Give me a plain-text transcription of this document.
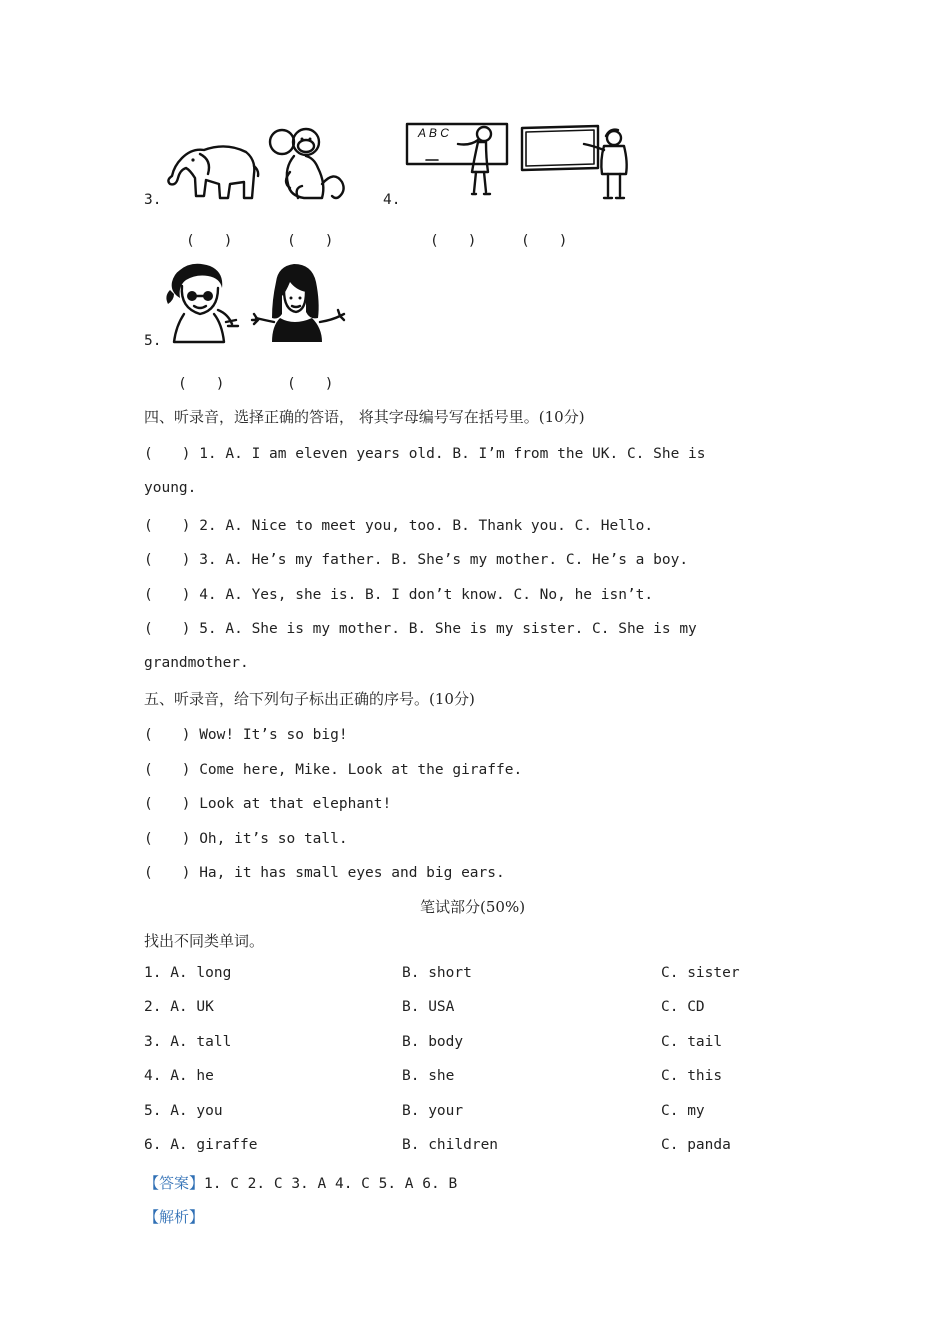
3.
(　　)	(　　)
4.
A B C
(　　)	(　　)
5.
(　　)	(　　)
四、听录音，选择正确的答语， 将其字母编号写在括号里。(10分)
(　　) 1. A. I am eleven years old. B. I’m from the UK. C. She is
young.
(　　) 2. A. Nice to meet you, too. B. Thank you. C. Hello.
(　　) 3. A. He’s my father. B. She’s my mother. C. He’s a boy.
(　　) 4. A. Yes, she is. B. I don’t know. C. No, he isn’t.
(　　) 5. A. She is my mother. B. She is my sister. C. She is my
grandmother.
五、听录音，给下列句子标出正确的序号。(10分)
(　　) Wow! It’s so big!
(　　) Come here, Mike. Look at the giraffe.
(　　) Look at that elephant!
(　　) Oh, it’s so tall.
(　　) Ha, it has small eyes and big ears.
笔试部分(50%)
找出不同类单词。
1. A. long	B. short	C. sister
2. A. UK	B. USA	C. CD
3. A. tall	B. body	C. tail
4. A. he	B. she	C. this
5. A. you	B. your	C. my
6. A. giraffe	B. children	C. panda
【答案】1. C 2. C 3. A 4. C 5. A 6. B
【解析】
